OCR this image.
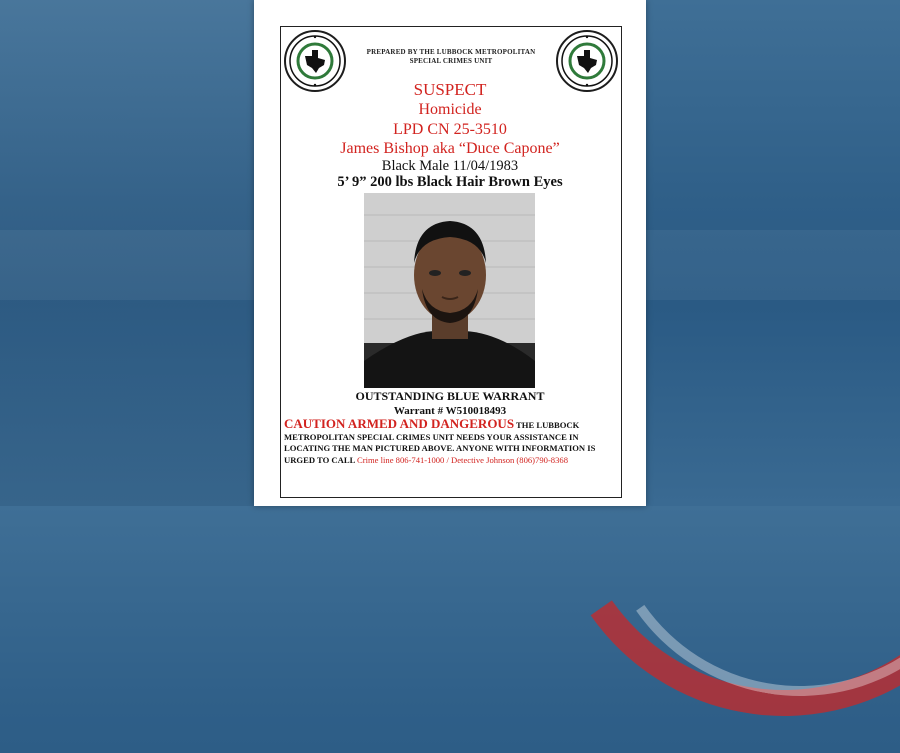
PREPARED BY THE LUBBOCK METROPOLITAN SPECIAL CRIMES UNIT
SUSPECT
Homicide
LPD CN 25-3510
James Bishop aka “Duce Capone”
Black Male 11/04/1983
5’ 9” 200 lbs Black Hair Brown Eyes
OUTSTANDING BLUE WARRANT
Warrant # W510018493
CAUTION ARMED AND DANGEROUS THE LUBBOCK METROPOLITAN SPECIAL CRIMES UNIT NEEDS YOUR ASSISTANCE IN LOCATING THE MAN PICTURED ABOVE. ANYONE WITH INFORMATION IS URGED TO CALL Crime line 806-741-1000 / Detective Johnson (806)790-8368
